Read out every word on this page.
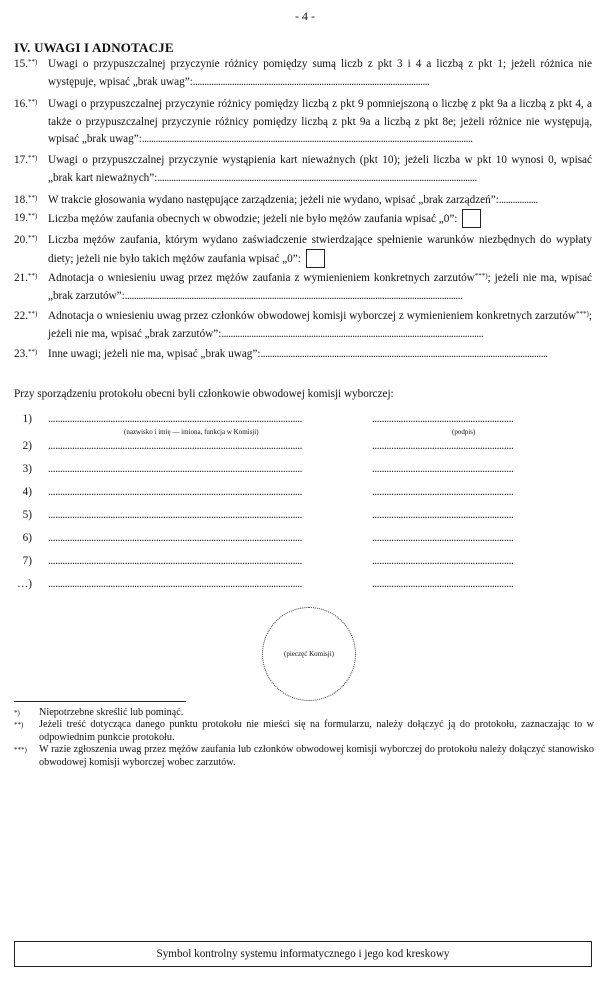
- 4 -
IV. UWAGI I ADNOTACJE
15.**) Uwagi o przypuszczalnej przyczynie różnicy pomiędzy sumą liczb z pkt 3 i 4 a liczbą z pkt 1; jeżeli różnica nie występuje, wpisać „brak uwag”:.......................................................................................................
16.**) Uwagi o przypuszczalnej przyczynie różnicy pomiędzy liczbą z pkt 9 pomniejszoną o liczbę z pkt 9a a liczbą z pkt 4, a także o przypuszczalnej przyczynie różnicy pomiędzy liczbą z pkt 9a a liczbą z pkt 8e; jeżeli różnice nie występują, wpisać „brak uwag”:................................................................................................................................................
17.**) Uwagi o przypuszczalnej przyczynie wystąpienia kart nieważnych (pkt 10); jeżeli liczba w pkt 10 wynosi 0, wpisać „brak kart nieważnych”:...........................................................................................................................................
18.**) W trakcie głosowania wydano następujące zarządzenia; jeżeli nie wydano, wpisać „brak zarządzeń”:.................
19.**) Liczba mężów zaufania obecnych w obwodzie; jeżeli nie było mężów zaufania wpisać „0”:
20.**) Liczba mężów zaufania, którym wydano zaświadczenie stwierdzające spełnienie warunków niezbędnych do wypłaty diety; jeżeli nie było takich mężów zaufania wpisać „0”:
21.**) Adnotacja o wniesieniu uwag przez mężów zaufania z wymienieniem konkretnych zarzutów***); jeżeli nie ma, wpisać „brak zarzutów”:...................................................................................................................................................
22.**) Adnotacja o wniesieniu uwag przez członków obwodowej komisji wyborczej z wymienieniem konkretnych zarzutów***); jeżeli nie ma, wpisać „brak zarzutów”:..................................................................................................................
23.**) Inne uwagi; jeżeli nie ma, wpisać „brak uwag”:.............................................................................................................................
Przy sporządzeniu protokołu obecni byli członkowie obwodowej komisji wyborczej:
1) ..........................................................................................................	...........................................................
(nazwisko i imię — imiona, funkcja w Komisji)	(podpis)
2) ..........................................................................................................	...........................................................
3) ..........................................................................................................	...........................................................
4) ..........................................................................................................	...........................................................
5) ..........................................................................................................	...........................................................
6) ..........................................................................................................	...........................................................
7) ..........................................................................................................	...........................................................
…) ..........................................................................................................	...........................................................
(pieczęć Komisji)
*) Niepotrzebne skreślić lub pominąć.
**) Jeżeli treść dotycząca danego punktu protokołu nie mieści się na formularzu, należy dołączyć ją do protokołu, zaznaczając to w odpowiednim punkcie protokołu.
***) W razie zgłoszenia uwag przez mężów zaufania lub członków obwodowej komisji wyborczej do protokołu należy dołączyć stanowisko obwodowej komisji wyborczej wobec zarzutów.
Symbol kontrolny systemu informatycznego i jego kod kreskowy
